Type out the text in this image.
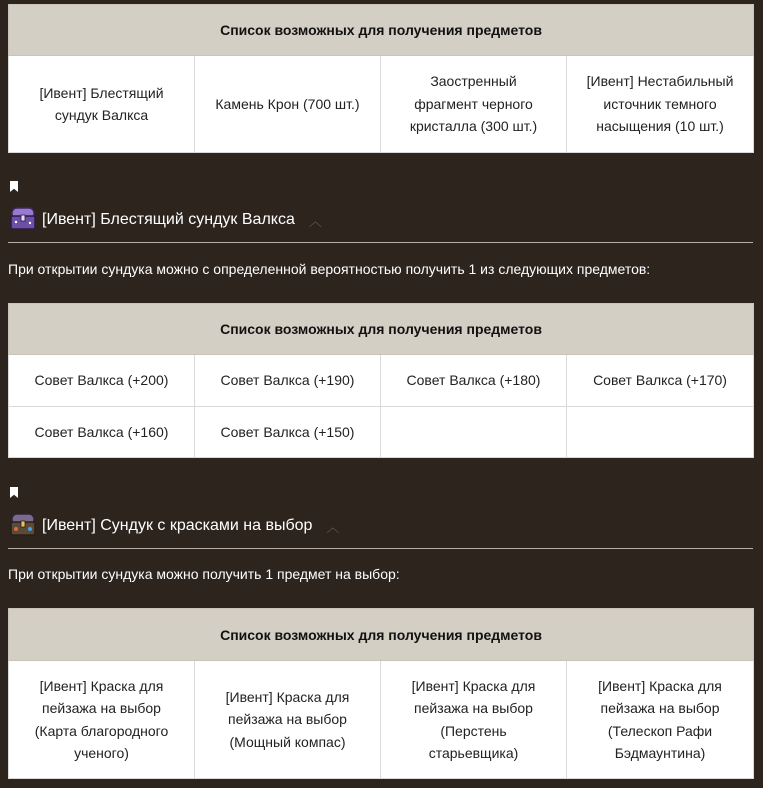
Список возможных для получения предметов
[Ивент] Блестящий сундук Валкса	Камень Крон (700 шт.)	Заостренный фрагмент черного кристалла (300 шт.)	[Ивент] Нестабильный источник темного насыщения (10 шт.)
[Ивент] Блестящий сундук Валкса ︿
При открытии сундука можно с определенной вероятностью получить 1 из следующих предметов:
Список возможных для получения предметов			
Совет Валкса (+200)	Совет Валкса (+190)	Совет Валкса (+180)	Совет Валкса (+170)
Совет Валкса (+160)	Совет Валкса (+150)		
[Ивент] Сундук с красками на выбор ︿
При открытии сундука можно получить 1 предмет на выбор:
Список возможных для получения предметов
[Ивент] Краска для пейзажа на выбор (Карта благородного ученого)	[Ивент] Краска для пейзажа на выбор (Мощный компас)	[Ивент] Краска для пейзажа на выбор (Перстень старьевщика)	[Ивент] Краска для пейзажа на выбор (Телескоп Рафи Бэдмаунтина)
